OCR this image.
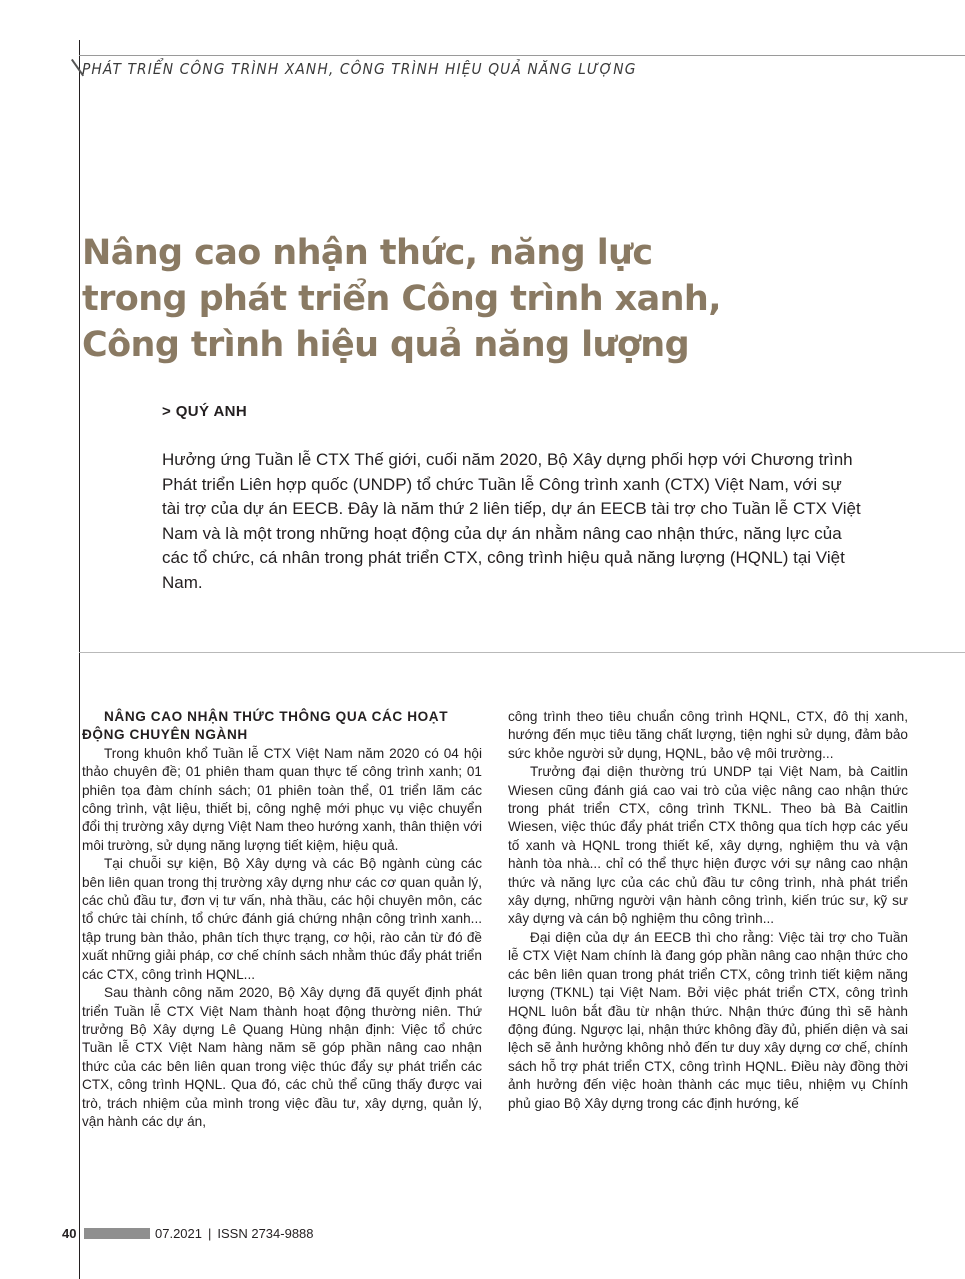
PHÁT TRIỂN CÔNG TRÌNH XANH, CÔNG TRÌNH HIỆU QUẢ NĂNG LƯỢNG
Nâng cao nhận thức, năng lực
trong phát triển Công trình xanh,
Công trình hiệu quả năng lượng
> QUÝ ANH

Hưởng ứng Tuần lễ CTX Thế giới, cuối năm 2020, Bộ Xây dựng phối hợp với Chương trình Phát triển Liên hợp quốc (UNDP) tổ chức Tuần lễ Công trình xanh (CTX) Việt Nam, với sự tài trợ của dự án EECB. Đây là năm thứ 2 liên tiếp, dự án EECB tài trợ cho Tuần lễ CTX Việt Nam và là một trong những hoạt động của dự án nhằm nâng cao nhận thức, năng lực của các tổ chức, cá nhân trong phát triển CTX, công trình hiệu quả năng lượng (HQNL) tại Việt Nam.

NÂNG CAO NHẬN THỨC THÔNG QUA CÁC HOẠT ĐỘNG CHUYÊN NGÀNH

Trong khuôn khổ Tuần lễ CTX Việt Nam năm 2020 có 04 hội thảo chuyên đề; 01 phiên tham quan thực tế công trình xanh; 01 phiên tọa đàm chính sách; 01 phiên toàn thể, 01 triển lãm các công trình, vật liệu, thiết bị, công nghệ mới phục vụ việc chuyển đổi thị trường xây dựng Việt Nam theo hướng xanh, thân thiện với môi trường, sử dụng năng lượng tiết kiệm, hiệu quả.

Tại chuỗi sự kiện, Bộ Xây dựng và các Bộ ngành cùng các bên liên quan trong thị trường xây dựng như các cơ quan quản lý, các chủ đầu tư, đơn vị tư vấn, nhà thầu, các hội chuyên môn, các tổ chức tài chính, tổ chức đánh giá chứng nhận công trình xanh... tập trung bàn thảo, phân tích thực trạng, cơ hội, rào cản từ đó đề xuất những giải pháp, cơ chế chính sách nhằm thúc đẩy phát triển các CTX, công trình HQNL...

Sau thành công năm 2020, Bộ Xây dựng đã quyết định phát triển Tuần lễ CTX Việt Nam thành hoạt động thường niên. Thứ trưởng Bộ Xây dựng Lê Quang Hùng nhận định: Việc tổ chức Tuần lễ CTX Việt Nam hàng năm sẽ góp phần nâng cao nhận thức của các bên liên quan trong việc thúc đẩy sự phát triển các CTX, công trình HQNL. Qua đó, các chủ thể cũng thấy được vai trò, trách nhiệm của mình trong việc đầu tư, xây dựng, quản lý, vận hành các dự án,

công trình theo tiêu chuẩn công trình HQNL, CTX, đô thị xanh, hướng đến mục tiêu tăng chất lượng, tiện nghi sử dụng, đảm bảo sức khỏe người sử dụng, HQNL, bảo vệ môi trường...

Trưởng đại diện thường trú UNDP tại Việt Nam, bà Caitlin Wiesen cũng đánh giá cao vai trò của việc nâng cao nhận thức trong phát triển CTX, công trình TKNL. Theo bà Bà Caitlin Wiesen, việc thúc đẩy phát triển CTX thông qua tích hợp các yếu tố xanh và HQNL trong thiết kế, xây dựng, nghiệm thu và vận hành tòa nhà... chỉ có thể thực hiện được với sự nâng cao nhận thức và năng lực của các chủ đầu tư công trình, nhà phát triển xây dựng, những người vận hành công trình, kiến trúc sư, kỹ sư xây dựng và cán bộ nghiệm thu công trình...

Đại diện của dự án EECB thì cho rằng: Việc tài trợ cho Tuần lễ CTX Việt Nam chính là đang góp phần nâng cao nhận thức cho các bên liên quan trong phát triển CTX, công trình tiết kiệm năng lượng (TKNL) tại Việt Nam. Bởi việc phát triển CTX, công trình HQNL luôn bắt đầu từ nhận thức. Nhận thức đúng thì sẽ hành động đúng. Ngược lại, nhận thức không đầy đủ, phiến diện và sai lệch sẽ ảnh hưởng không nhỏ đến tư duy xây dựng cơ chế, chính sách hỗ trợ phát triển CTX, công trình HQNL. Điều này đồng thời ảnh hưởng đến việc hoàn thành các mục tiêu, nhiệm vụ Chính phủ giao Bộ Xây dựng trong các định hướng, kế

40	07.2021 | ISSN 2734-9888
